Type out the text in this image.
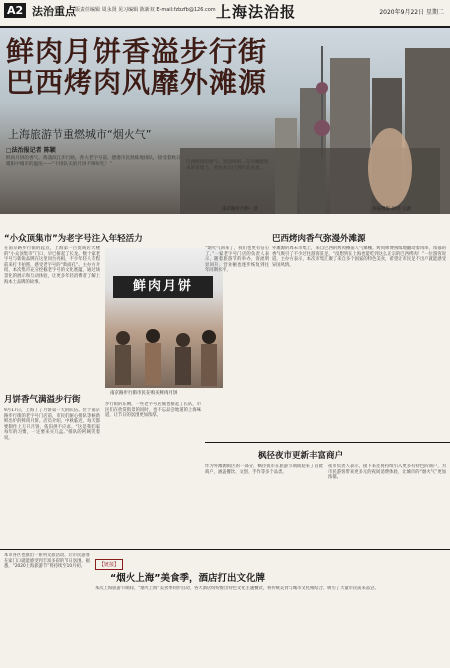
A2 法治重点
二版责任编辑 周永贤 见习编辑 陈新双 E-mail:fzbzfb@126.com 上海法治报	2020年9月22日 星期二
鲜肉月饼香溢步行街
巴西烤肉风靡外滩源
上海旅游节重燃城市“烟火气”
□法治报记者 陈颖
鲜肉月饼的香气、黄浦滨江步行路，各大老字号前，德港市民熟练地排队，接受着秋日暖阳中城市的温度——“不排队买的月饼不够好吃！”	巴西烤肉的香气、异国风情...在外滩源周末的市集上，原先来自巴西的美食也...
南京路步行街一景	本报摄影 胡奇 王潇
“小众顶集市”为老字号注入年轻活力
在南京路步行街的起点，上海第一百货商店大楼的“小众顶集市”门口，早已排起了长龙。数十家老字号与新锐品牌在这里同台亮相，不少年轻人专程前来打卡拍照，感受老字号的“新面孔”。主办方介绍，本次集市充分挖掘老字号的文化底蕴，通过场景化的展示和互动体验，让更多年轻消费者了解上海本土品牌的故事。
月饼香气满溢步行街
9月17日，上海丁了月饼第一天的队伍。位于南京路步行街的老字号门店前，市民们耐心排队等候新鲜出炉的鲜肉月饼。店员介绍，中秋临近，每天都要制作上万只月饼，依旧供不应求。“这是我们家每年的习惯，一定要来买几盒。”排队的阿姨笑着说。
鲜肉月饼
南京路步行街市民在购买鲜肉月饼
步行街的东侧，一些老字号店铺也排起了长队，市民们在欣赏街景的同时，也不忘品尝地道的上海味道，让节日的氛围更加浓厚。
“烟火气回来了，我们也更有信心了。”一家老字号门店的负责人表示，随着旅游节的举办，客流明显回升，营业额也逐步恢复到往年同期水平。
巴西烤肉香气弥漫外滩源
外滩源的周末市集上，来自巴西的烤肉摊前人气爆棚。烤肉师傅熟练地翻动着肉串，浓郁的香气吸引了不少过往游客驻足。“没想到在上海也能吃到这么正宗的巴西烤肉！”一位游客说道。主办方表示，本次市集汇聚了来自多个国家的特色美食，希望让市民足不出户就能感受异国风情。
枫径夜市更新丰富商户
作为外滩源街区的一部分，枫径夜市在旅游节期间迎来了首批商户，涵盖餐饮、文创、手作等多个品类。
夜市负责人表示，接下来还将持续引入更多有特色的商户，为市民游客带来更多元的夜间消费体验，让城市的“烟火气”更加浓郁。
本市各区也推出一系列文旅活动，让市民游客在家门口就能感受到丰富多彩的节日氛围。据悉，“2020上海旅游节”将持续至10月初。	【链接】
“烟火上海”美食季，酒店打出文化牌
本次上海旅游节期间，“烟火上海”美食季同步启动，各大酒店纷纷推出特色文化主题餐饮，将传统美食与城市文化相结合，吸引了大量市民前来品尝。
